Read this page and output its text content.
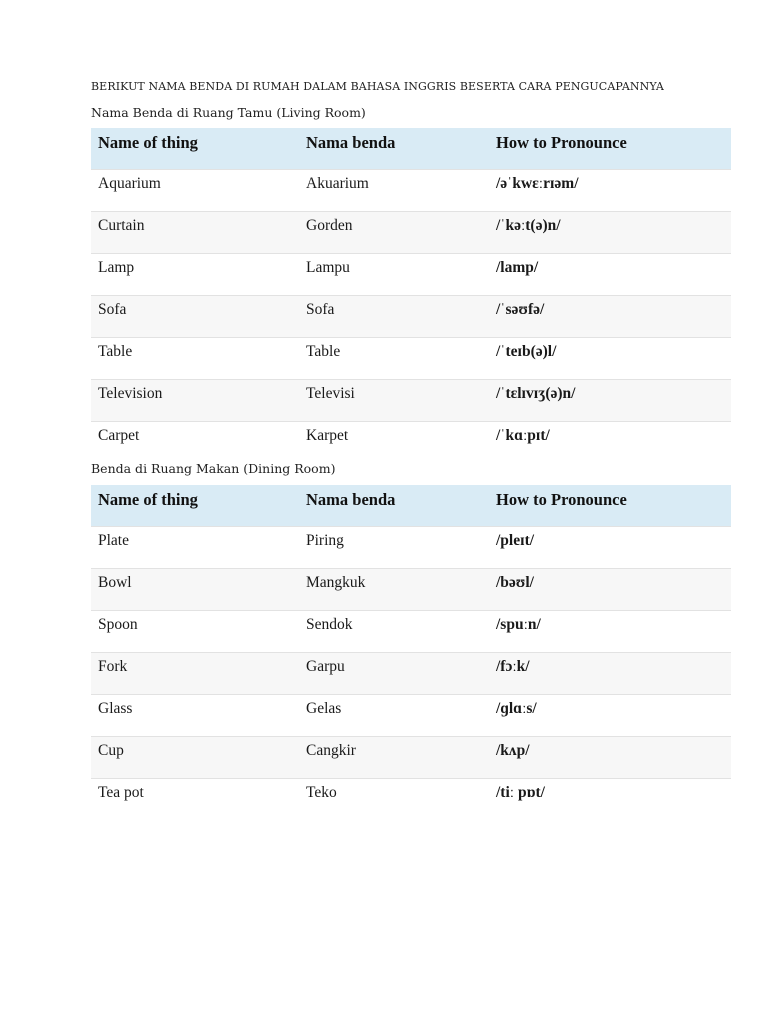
BERIKUT NAMA BENDA DI RUMAH DALAM BAHASA INGGRIS BESERTA CARA PENGUCAPANNYA
Nama Benda di Ruang Tamu (Living Room)
Name of thing	Nama benda	How to Pronounce
Aquarium	Akuarium	/əˈkwɛːrɪəm/
Curtain	Gorden	/ˈkəːt(ə)n/
Lamp	Lampu	/lamp/
Sofa	Sofa	/ˈsəʊfə/
Table	Table	/ˈteɪb(ə)l/
Television	Televisi	/ˈtɛlɪvɪʒ(ə)n/
Carpet	Karpet	/ˈkɑːpɪt/
Benda di Ruang Makan (Dining Room)
Name of thing	Nama benda	How to Pronounce
Plate	Piring	/pleɪt/
Bowl	Mangkuk	/bəʊl/
Spoon	Sendok	/spuːn/
Fork	Garpu	/fɔːk/
Glass	Gelas	/ɡlɑːs/
Cup	Cangkir	/kʌp/
Tea pot	Teko	/tiː pɒt/
